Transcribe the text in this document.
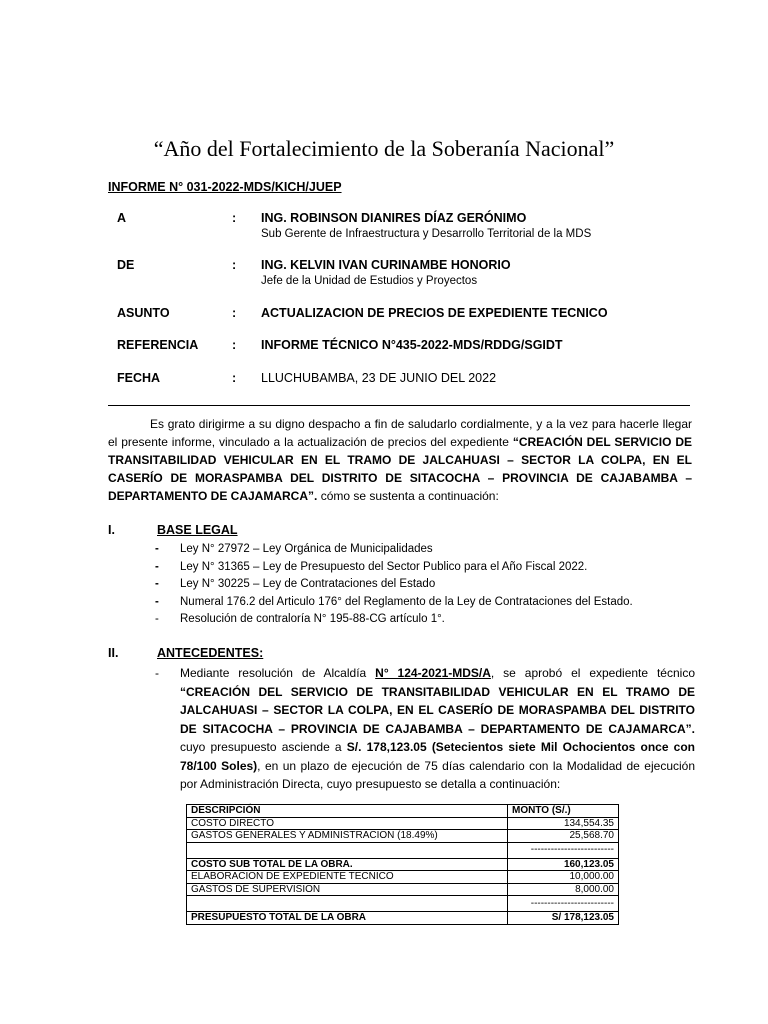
“Año del Fortalecimiento de la Soberanía Nacional”
INFORME N° 031-2022-MDS/KICH/JUEP
A	: ING. ROBINSON DIANIRES DÍAZ GERÓNIMO
Sub Gerente de Infraestructura y Desarrollo Territorial de la MDS
DE	: ING. KELVIN IVAN CURINAMBE HONORIO
Jefe de la Unidad de Estudios y Proyectos
ASUNTO	: ACTUALIZACION DE PRECIOS DE EXPEDIENTE TECNICO
REFERENCIA	: INFORME TÉCNICO N°435-2022-MDS/RDDG/SGIDT
FECHA	: LLUCHUBAMBA, 23 DE JUNIO DEL 2022
Es grato dirigirme a su digno despacho a fin de saludarlo cordialmente, y a la vez para hacerle llegar el presente informe, vinculado a la actualización de precios del expediente “CREACIÓN DEL SERVICIO DE TRANSITABILIDAD VEHICULAR EN EL TRAMO DE JALCAHUASI – SECTOR LA COLPA, EN EL CASERÍO DE MORASPAMBA DEL DISTRITO DE SITACOCHA – PROVINCIA DE CAJABAMBA – DEPARTAMENTO DE CAJAMARCA”. cómo se sustenta a continuación:
I.	BASE LEGAL
- Ley N° 27972 – Ley Orgánica de Municipalidades
- Ley N° 31365 – Ley de Presupuesto del Sector Publico para el Año Fiscal 2022.
- Ley N° 30225 – Ley de Contrataciones del Estado
- Numeral 176.2 del Articulo 176° del Reglamento de la Ley de Contrataciones del Estado.
- Resolución de contraloría N° 195-88-CG artículo 1°.
II.	ANTECEDENTES:
- Mediante resolución de Alcaldía N° 124-2021-MDS/A, se aprobó el expediente técnico “CREACIÓN DEL SERVICIO DE TRANSITABILIDAD VEHICULAR EN EL TRAMO DE JALCAHUASI – SECTOR LA COLPA, EN EL CASERÍO DE MORASPAMBA DEL DISTRITO DE SITACOCHA – PROVINCIA DE CAJABAMBA – DEPARTAMENTO DE CAJAMARCA”. cuyo presupuesto asciende a S/. 178,123.05 (Setecientos siete Mil Ochocientos once con 78/100 Soles), en un plazo de ejecución de 75 días calendario con la Modalidad de ejecución por Administración Directa, cuyo presupuesto se detalla a continuación:
DESCRIPCIÓN	MONTO (S/.)
COSTO DIRECTO	134,554.35
GASTOS GENERALES Y ADMINISTRACION (18.49%)	25,568.70
	-------------------------
COSTO SUB TOTAL DE LA OBRA.	160,123.05
ELABORACION DE EXPEDIENTE TECNICO	10,000.00
GASTOS DE SUPERVISION	8,000.00
	-------------------------
PRESUPUESTO TOTAL DE LA OBRA	S/ 178,123.05
